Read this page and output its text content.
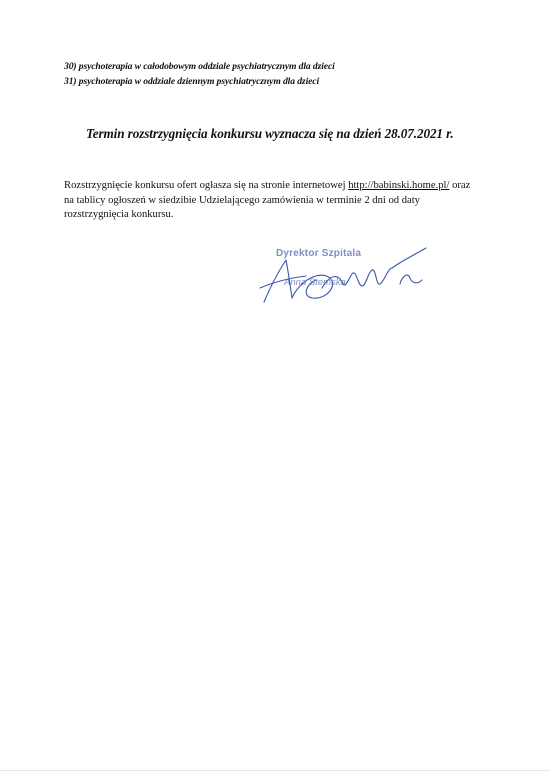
30) psychoterapia w całodobowym oddziale psychiatrycznym dla dzieci
31) psychoterapia w oddziale dziennym psychiatrycznym dla dzieci
Termin rozstrzygnięcia konkursu wyznacza się na dzień 28.07.2021 r.
Rozstrzygnięcie konkursu ofert ogłasza się na stronie internetowej http://babinski.home.pl/ oraz
na tablicy ogłoszeń w siedzibie Udzielającego zamówienia w terminie 2 dni od daty
rozstrzygnięcia konkursu.
Dyrektor Szpitala
Anna Stemska
